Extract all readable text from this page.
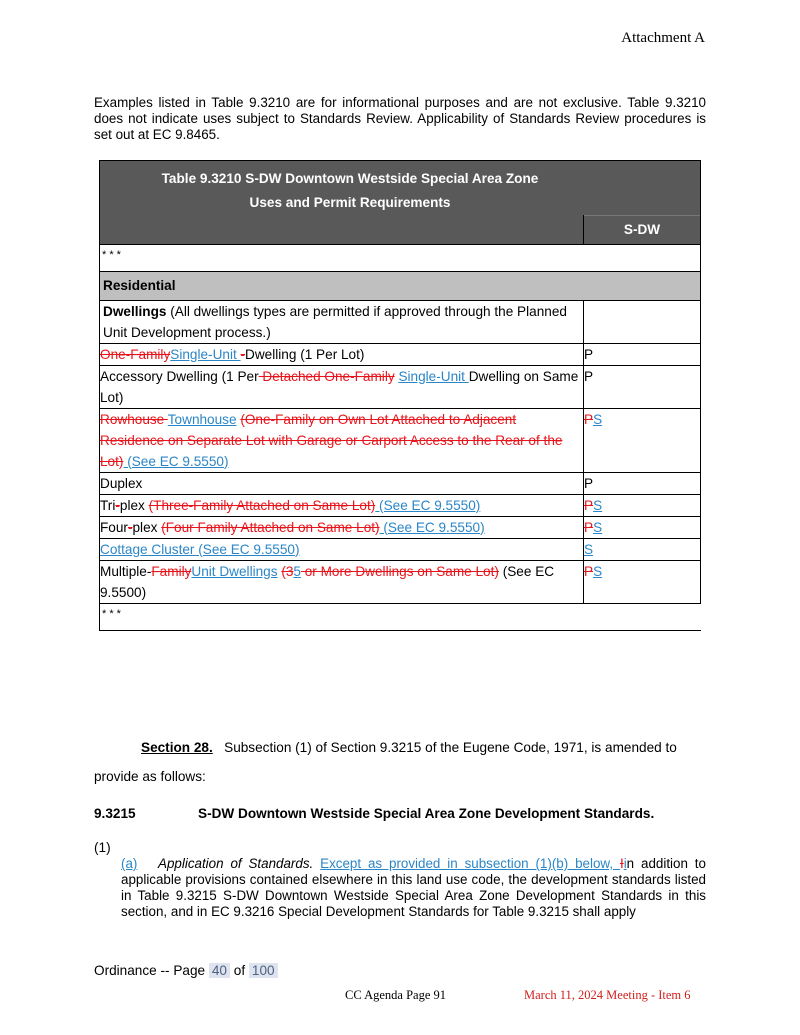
Attachment A
Examples listed in Table 9.3210 are for informational purposes and are not exclusive. Table 9.3210 does not indicate uses subject to Standards Review. Applicability of Standards Review procedures is set out at EC 9.8465.
Table 9.3210 S-DW Downtown Westside Special Area Zone
Uses and Permit Requirements	

	S-DW

* * *	

Residential	

Dwellings (All dwellings types are permitted if approved through the Planned Unit Development process.)	
One-FamilySingle-Unit -Dwelling (1 Per Lot)	P
Accessory Dwelling (1 Per Detached One-Family Single-Unit Dwelling on Same Lot)	P
Rowhouse Townhouse (One-Family on Own Lot Attached to Adjacent Residence on Separate Lot with Garage or Carport Access to the Rear of the Lot) (See EC 9.5550)	PS
Duplex	P
Tri-plex (Three-Family Attached on Same Lot) (See EC 9.5550)	PS
Four-plex (Four Family Attached on Same Lot) (See EC 9.5550)	PS
Cottage Cluster (See EC 9.5550)	S
Multiple-FamilyUnit Dwellings (35 or More Dwellings on Same Lot) (See EC 9.5500)	PS

* * *	
Section 28. Subsection (1) of Section 9.3215 of the Eugene Code, 1971, is amended to
provide as follows:
9.3215	S-DW Downtown Westside Special Area Zone Development Standards.
(1)
(a) Application of Standards. Except as provided in subsection (1)(b) below, Iin addition to applicable provisions contained elsewhere in this land use code, the development standards listed in Table 9.3215 S-DW Downtown Westside Special Area Zone Development Standards in this section, and in EC 9.3216 Special Development Standards for Table 9.3215 shall apply
Ordinance -- Page 40 of 100
CC Agenda Page 91	March 11, 2024 Meeting - Item 6
